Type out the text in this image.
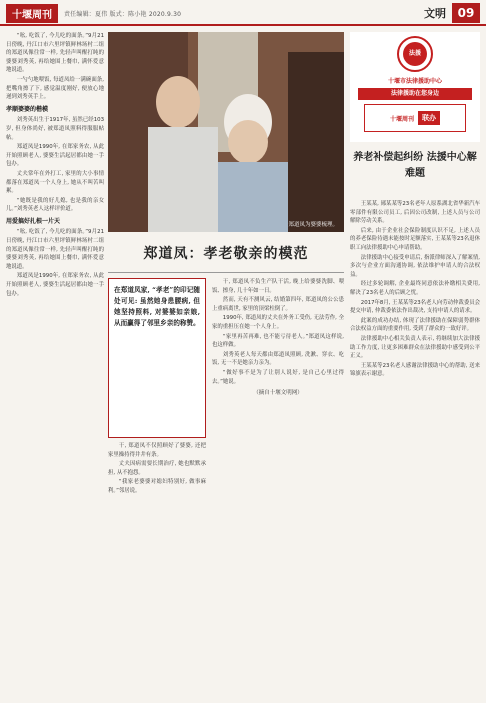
十堰周刊	责任编辑：夏伟 版式：陈小艳 2020.9.30	文明 09

“吆, 吃饭了, 今儿吃的面条。”9月21日傍晚, 丹江口市六里坪镇鲜林场村二组的郑道凤像往常一样, 先轻声叫醒打盹的婆婆刘秀英, 再给她围上餐巾, 满怀爱意地说道。

一勺勺地喂饭, 每道凤给一满碗面条, 把嘴角擦了下, 感觉温度刚好, 便放心地递到刘秀英手上。

孝顺婆婆的楷模

刘秀英出生于1917年, 虽然已经103岁, 但身体尚好, 被郑道凤照料得服服帖帖。

郑道凤是1990年, 在郑家务农, 从此开始照顾老人, 婆婆生活起居都由她一手包办。

丈夫常年在外打工, 家里的大小事情都落在郑道凤一个人身上, 她从不叫苦叫累。

“她既是我的好儿媳, 也是我的亲女儿。”刘秀英老人这样评价道。

用爱搞好扎根一片天

“吆, 吃饭了, 今儿吃的面条。”9月21日傍晚, 丹江口市六里坪镇鲜林场村二组的郑道凤像往常一样, 先轻声叫醒打盹的婆婆刘秀英, 再给她围上餐巾, 满怀爱意地说道。

郑道凤是1990年, 在郑家务农, 从此开始照顾老人, 婆婆生活起居都由她一手包办。

郑道凤为婆婆梳理。
郑道凤：孝老敬亲的模范
在郑道凤家, “孝老”的印记随处可见: 虽然她身患腰病, 但她坚持照料, 对婆婆如亲娘, 从而赢得了邻里乡亲的称赞。

干, 郑道凤不仅照顾好了婆婆, 还把家里操持得井井有条。

丈夫因病需要长期治疗, 她也默默承担, 从不抱怨。

“我家老婆婆对媳妇特别好, 做事麻利。”邻居说。

干, 郑道凤不负生产队干活, 晚上给婆婆洗脚、喂饭、擦身, 几十年如一日。

然而, 天有不测风云, 结婚第四年, 郑道凤的公公患上重病离世, 家里的顶梁柱倒了。

1990年, 郑道凤的丈夫在外务工受伤, 无法劳作, 全家的重担压在她一个人身上。

“家里再苦再难, 也不能亏待老人。”郑道凤这样说, 也这样做。

刘秀英老人每天都由郑道凤照顾, 洗漱、穿衣、吃饭, 无一不是她亲力亲为。

“做好事不是为了让别人说好, 是自己心里过得去。”她说。

（摘自十堰文明网）
法援
十堰市法律援助中心
法律援助在您身边
十堰周刊	联办
养老补偿起纠纷 法援中心解难题

王某某, 郧某某等23名老年人原系湖北省华新汽车零部件有限公司员工, 后因公司改制, 上述人员与公司解除劳动关系。

后来, 由于企业社会保险制度认识不足, 上述人员的养老保险待遇未能按时足额落实, 王某某等23名退休职工向法律援助中心申请帮助。

法律援助中心接受申请后, 指派律师深入了解案情, 多次与企业方面沟通协调, 依法维护申请人的合法权益。

经过多轮调解, 企业最终同意依法补缴相关费用, 解决了23名老人的后顾之忧。

2017年8月, 王某某等23名老人向劳动仲裁委员会提交申请, 仲裁委依法作出裁决, 支持申请人的请求。

此案的成功办结, 体现了法律援助在保障弱势群体合法权益方面的重要作用, 受到了群众的一致好评。

法律援助中心相关负责人表示, 将继续加大法律援助工作力度, 让更多困难群众在法律援助中感受到公平正义。

王某某等23名老人感谢法律援助中心的帮助, 送来锦旗表示谢意。
